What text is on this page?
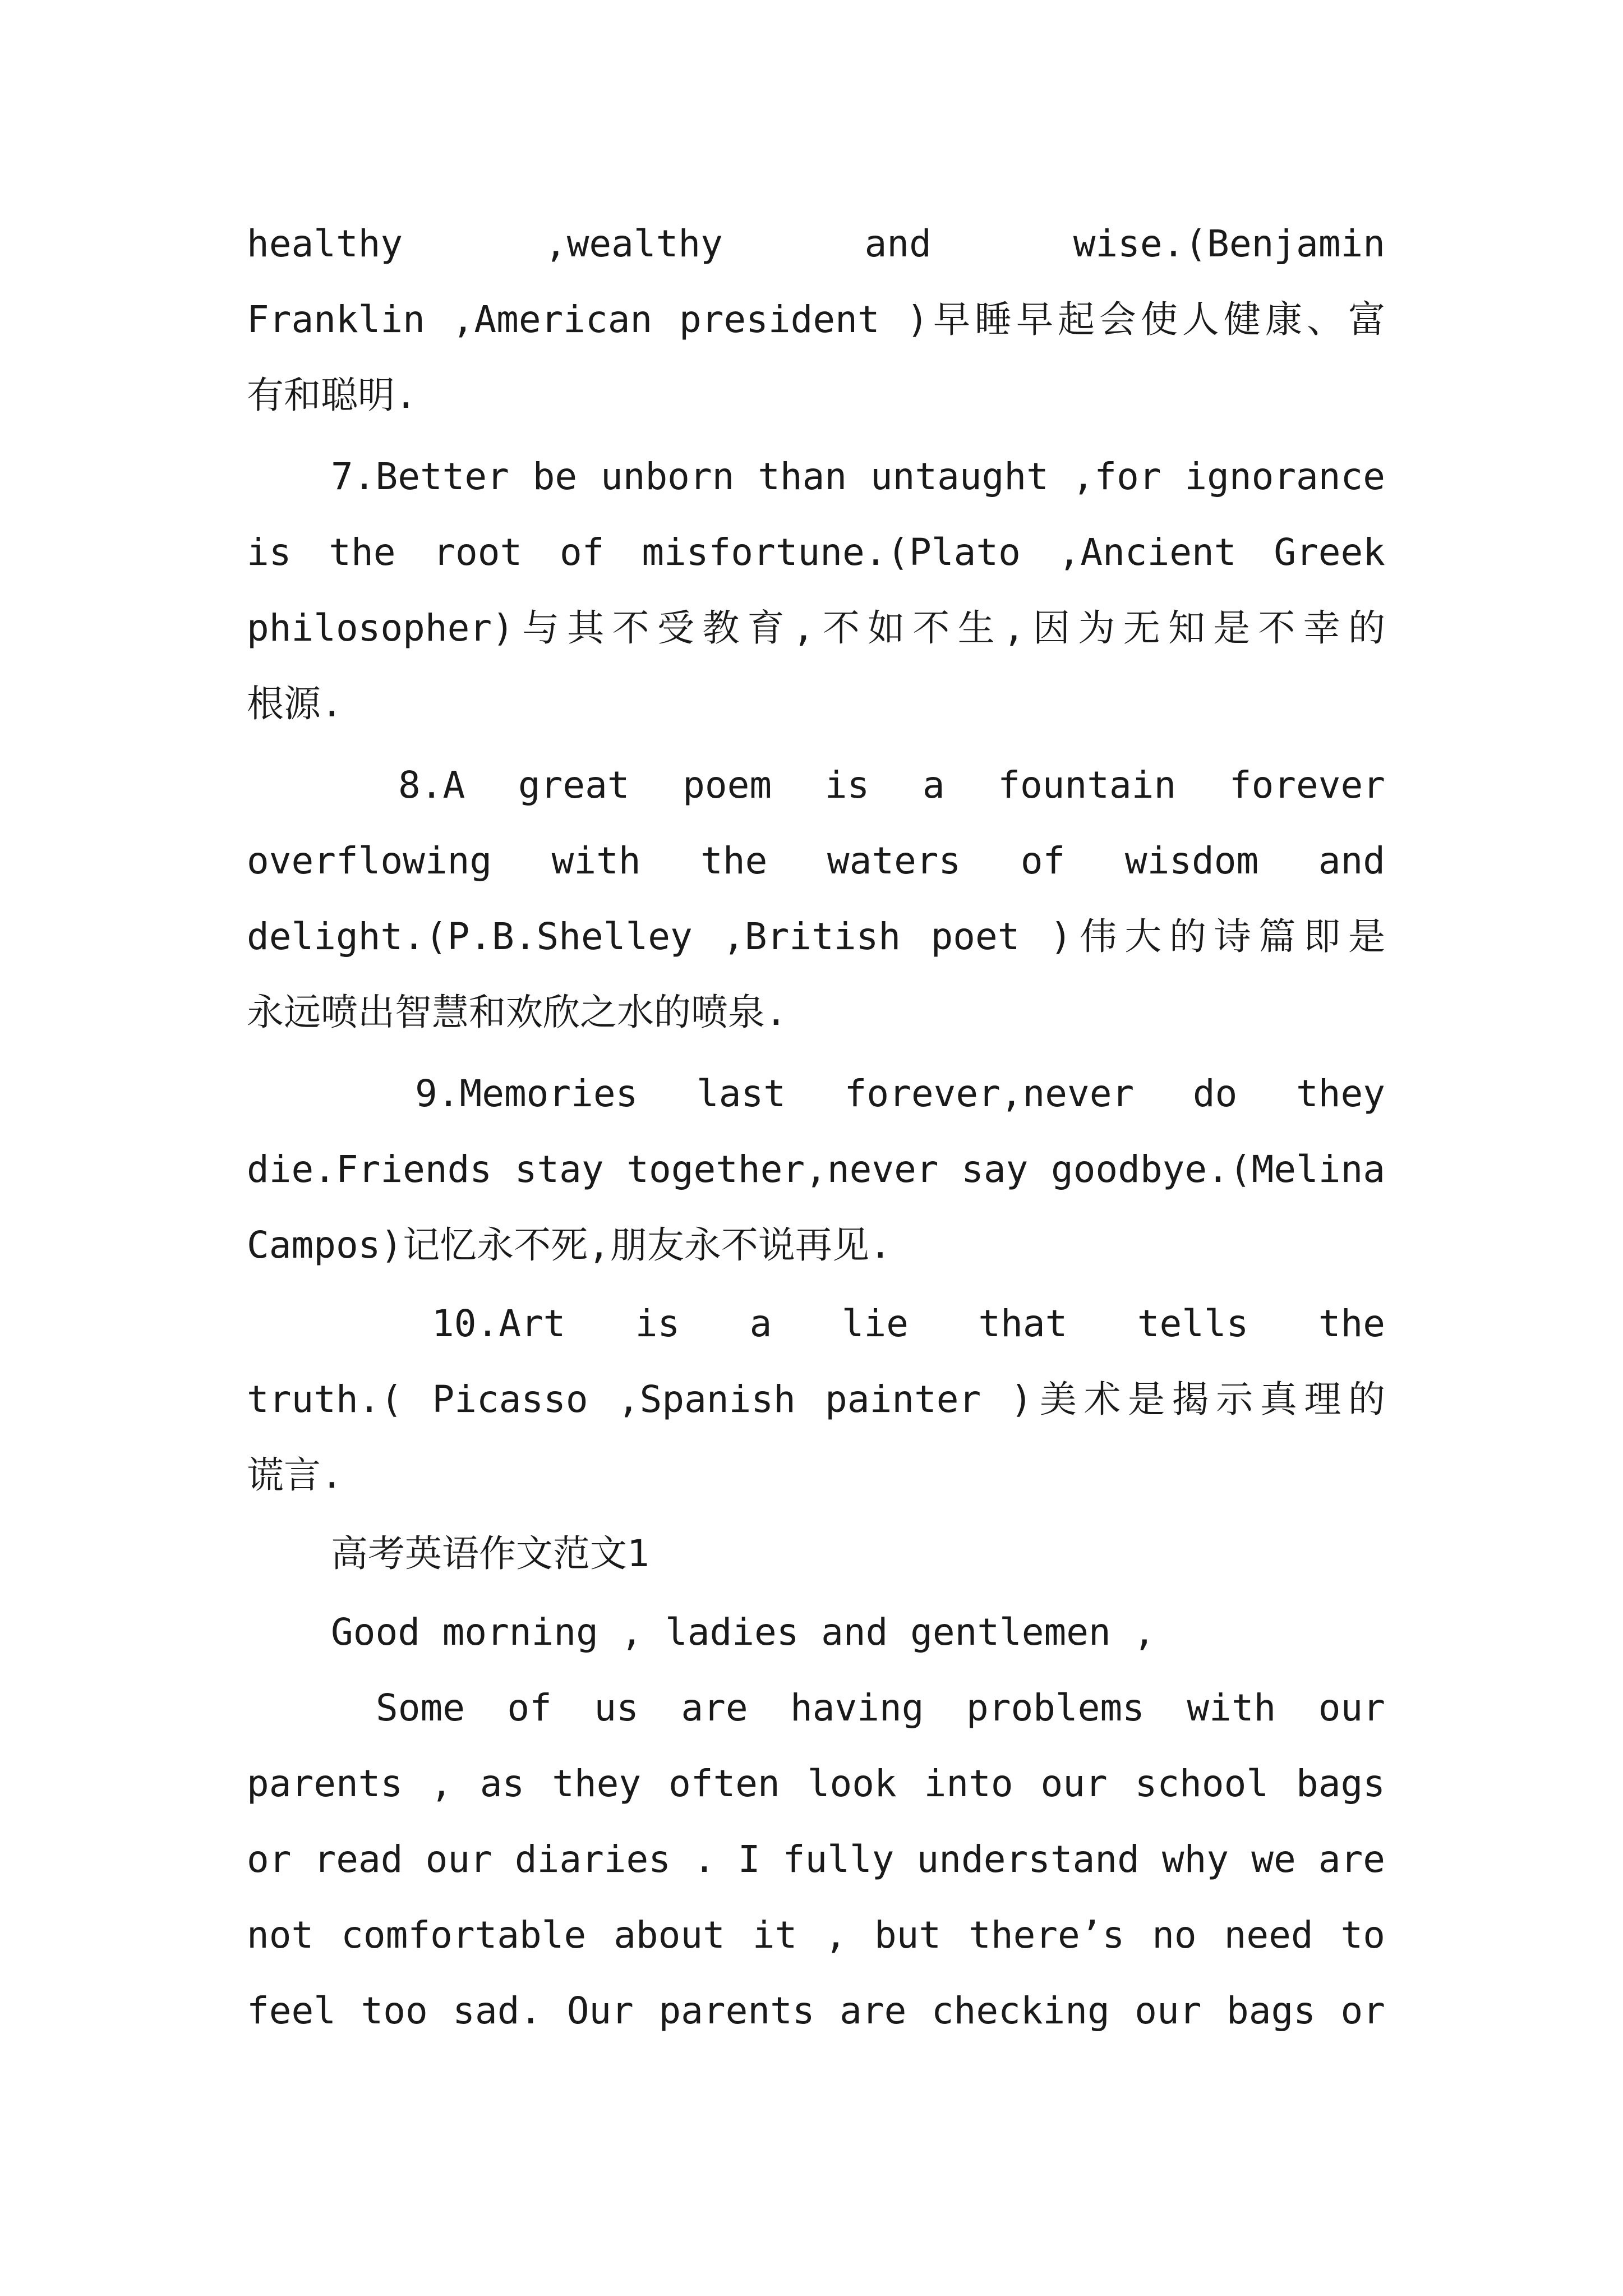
healthy ,wealthy and wise.(Benjamin
Franklin ,American president )早睡早起会使人健康、富
有和聪明.
7.Better be unborn than untaught ,for ignorance
is the root of misfortune.(Plato ,Ancient Greek
philosopher)与其不受教育,不如不生,因为无知是不幸的
根源.
8.A great poem is a fountain forever
overflowing with the waters of wisdom and
delight.(P.B.Shelley ,British poet )伟大的诗篇即是
永远喷出智慧和欢欣之水的喷泉.
9.Memories last forever,never do they
die.Friends stay together,never say goodbye.(Melina
Campos)记忆永不死,朋友永不说再见.
10.Art is a lie that tells the
truth.( Picasso ,Spanish painter )美术是揭示真理的
谎言.
高考英语作文范文1
Good morning , ladies and gentlemen ,
Some of us are having problems with our
parents , as they often look into our school bags
or read our diaries . I fully understand why we are
not comfortable about it , but there’s no need to
feel too sad. Our parents are checking our bags or
